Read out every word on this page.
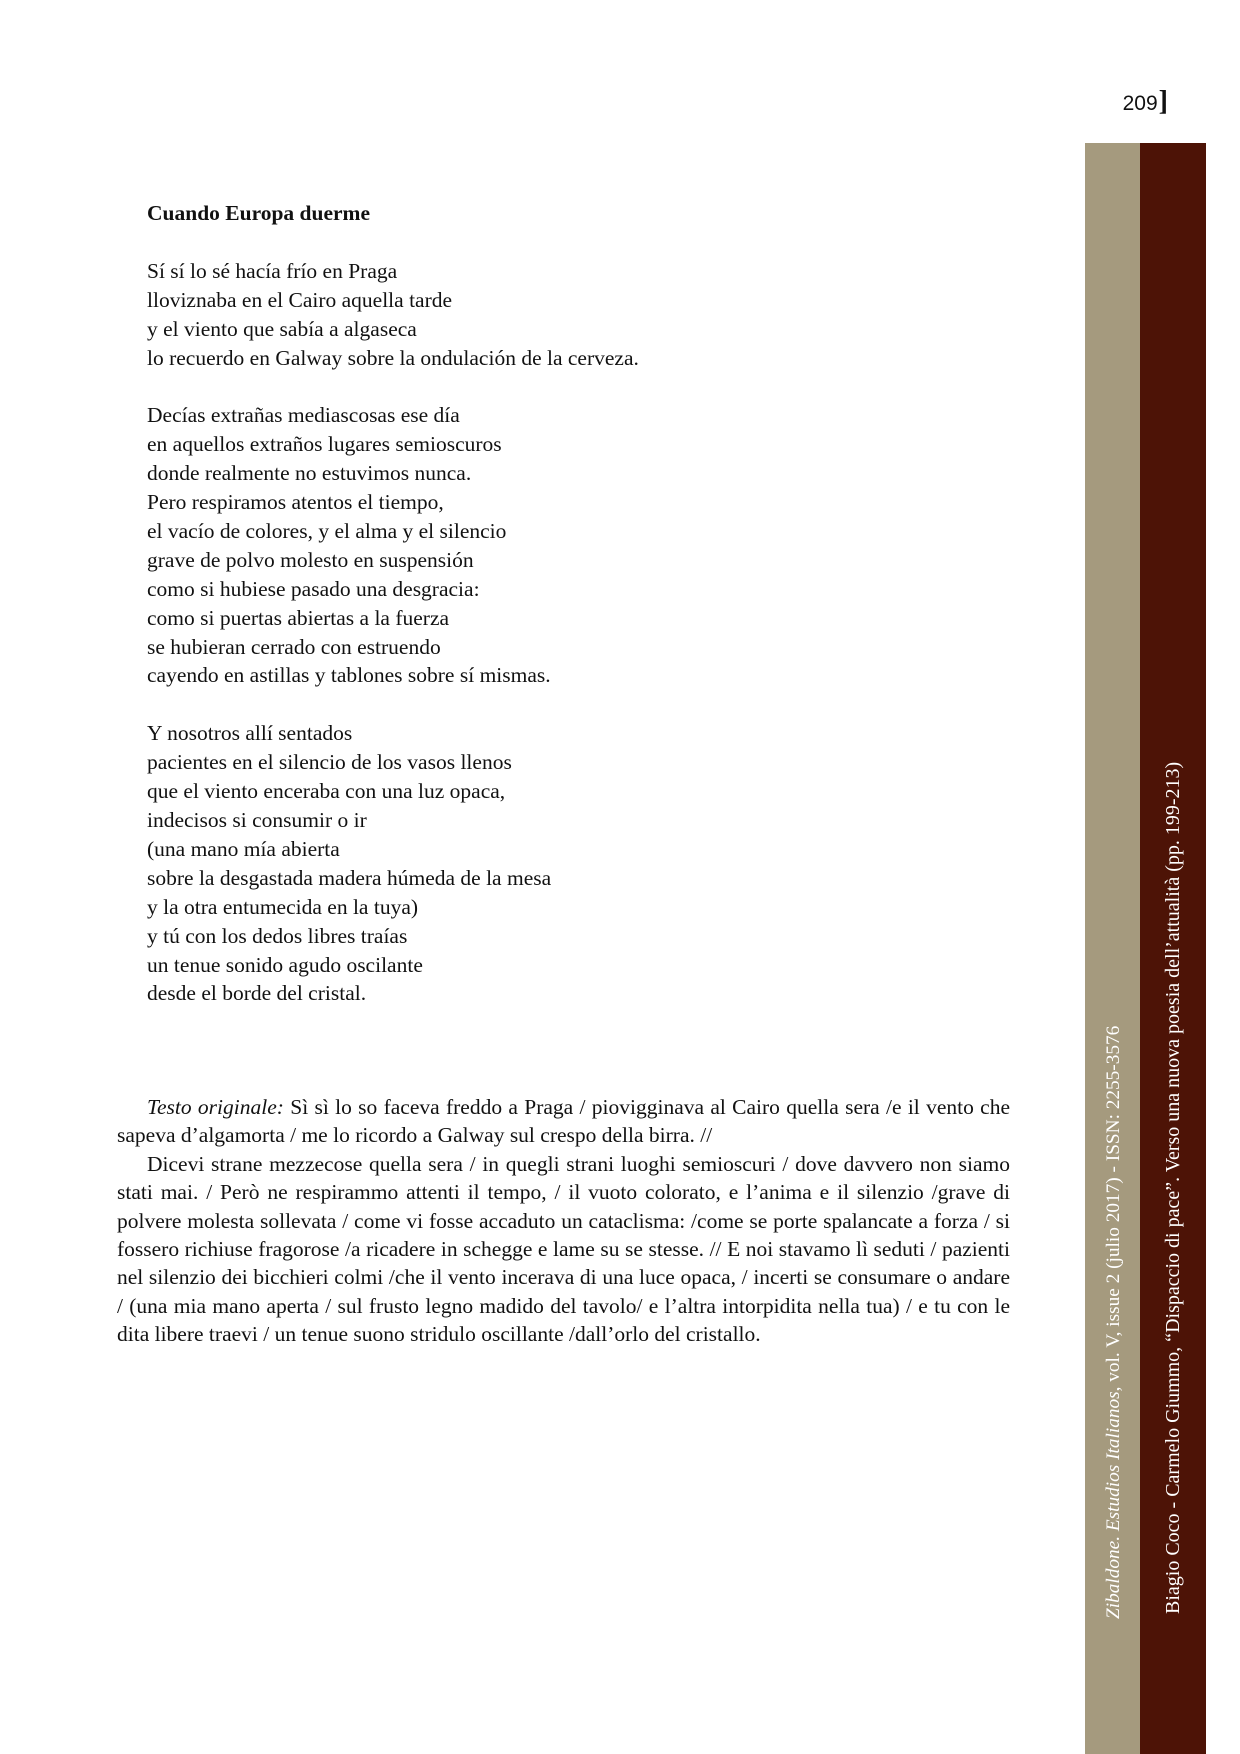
209]
Cuando Europa duerme
Sí sí lo sé hacía frío en Praga
lloviznaba en el Cairo aquella tarde
y el viento que sabía a algaseca
lo recuerdo en Galway sobre la ondulación de la cerveza.
Decías extrañas mediascosas ese día
en aquellos extraños lugares semioscuros
donde realmente no estuvimos nunca.
Pero respiramos atentos el tiempo,
el vacío de colores, y el alma y el silencio
grave de polvo molesto en suspensión
como si hubiese pasado una desgracia:
como si puertas abiertas a la fuerza
se hubieran cerrado con estruendo
cayendo en astillas y tablones sobre sí mismas.
Y nosotros allí sentados
pacientes en el silencio de los vasos llenos
que el viento enceraba con una luz opaca,
indecisos si consumir o ir
(una mano mía abierta
sobre la desgastada madera húmeda de la mesa
y la otra entumecida en la tuya)
y tú con los dedos libres traías
un tenue sonido agudo oscilante
desde el borde del cristal.

Testo originale: Sì sì lo so faceva freddo a Praga / piovigginava al Cairo quella sera /e il vento che sapeva d’algamorta / me lo ricordo a Galway sul crespo della birra. //

Dicevi strane mezzecose quella sera / in quegli strani luoghi semioscuri / dove davvero non siamo stati mai. / Però ne respirammo attenti il tempo, / il vuoto colorato, e l’anima e il silenzio /grave di polvere molesta sollevata / come vi fosse accaduto un cataclisma: /come se porte spalancate a forza / si fossero richiuse fragorose /a ricadere in schegge e lame su se stesse. // E noi stavamo lì seduti / pazienti nel silenzio dei bicchieri colmi /che il vento incerava di una luce opaca, / incerti se consumare o andare / (una mia mano aperta / sul frusto legno madido del tavolo/ e l’altra intorpidita nella tua) / e tu con le dita libere traevi / un tenue suono stridulo oscillante /dall’orlo del cristallo.

Zibaldone. Estudios Italianos, vol. V, issue 2 (julio 2017) - ISSN: 2255-3576 Biagio Coco - Carmelo Giummo, “Dispaccio di pace”. Verso una nuova poesia dell’attualità (pp. 199-213)
